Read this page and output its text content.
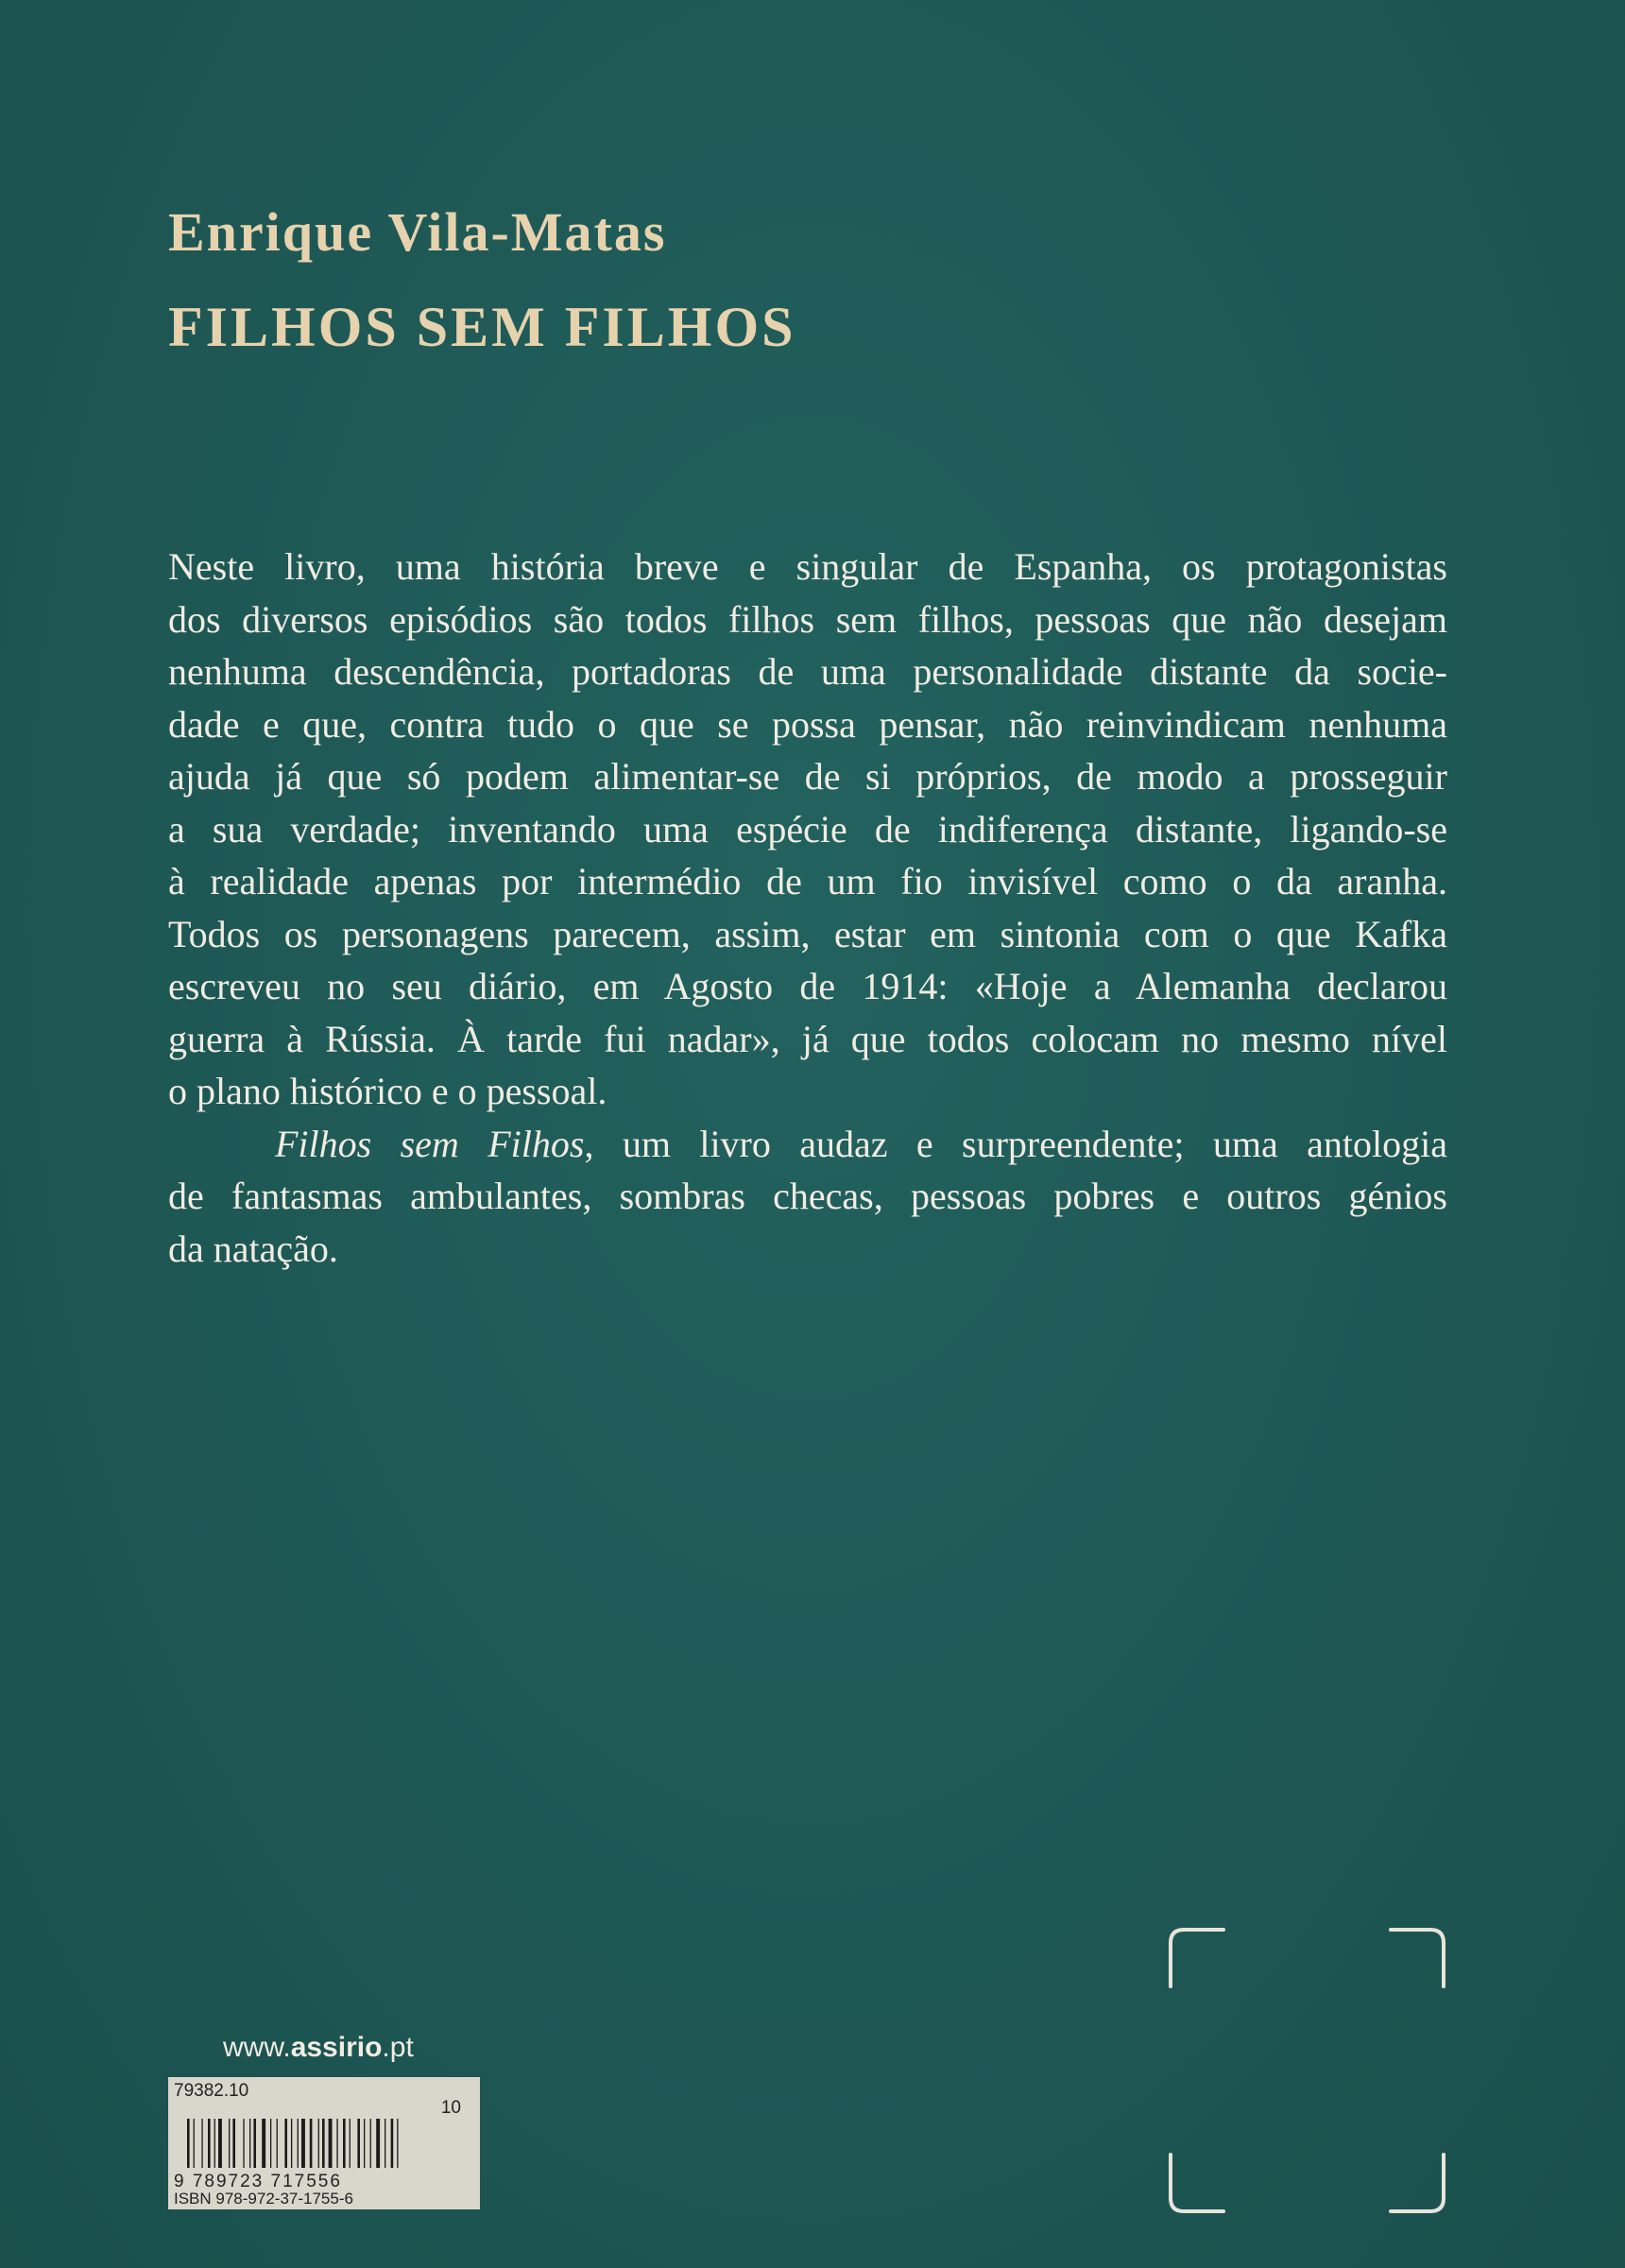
Enrique Vila-Matas
FILHOS SEM FILHOS

Neste livro, uma história breve e singular de Espanha, os protagonistas
dos diversos episódios são todos filhos sem filhos, pessoas que não desejam
nenhuma descendência, portadoras de uma personalidade distante da socie-
dade e que, contra tudo o que se possa pensar, não reinvindicam nenhuma
ajuda já que só podem alimentar-se de si próprios, de modo a prosseguir
a sua verdade; inventando uma espécie de indiferença distante, ligando-se
à realidade apenas por intermédio de um fio invisível como o da aranha.
Todos os personagens parecem, assim, estar em sintonia com o que Kafka
escreveu no seu diário, em Agosto de 1914: «Hoje a Alemanha declarou
guerra à Rússia. À tarde fui nadar», já que todos colocam no mesmo nível
o plano histórico e o pessoal.

Filhos sem Filhos, um livro audaz e surpreendente; uma antologia

de fantasmas ambulantes, sombras checas, pessoas pobres e outros génios
da natação.

www.assirio.pt
79382.10
10
9 789723 717556
ISBN 978-972-37-1755-6
